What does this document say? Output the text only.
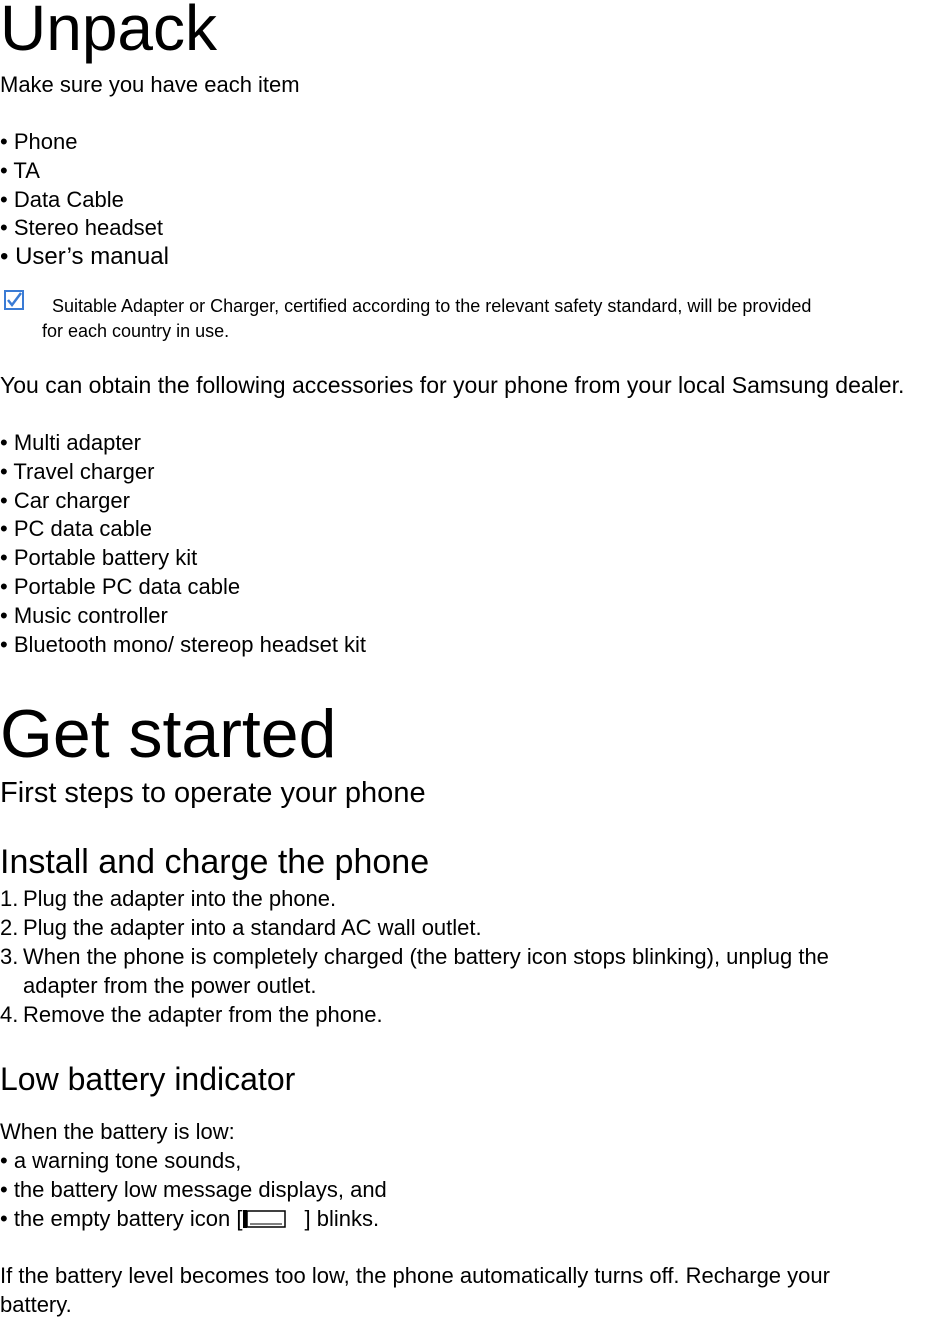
Unpack
Make sure you have each item
• Phone
• TA
• Data Cable
• Stereo headset
• User’s manual
Suitable Adapter or Charger, certified according to the relevant safety standard, will be provided
for each country in use.
You can obtain the following accessories for your phone from your local Samsung dealer.
• Multi adapter
• Travel charger
• Car charger
• PC data cable
• Portable battery kit
• Portable PC data cable
• Music controller
• Bluetooth mono/ stereop headset kit
Get started
First steps to operate your phone
Install and charge the phone
1. Plug the adapter into the phone.
2. Plug the adapter into a standard AC wall outlet.
3. When the phone is completely charged (the battery icon stops blinking), unplug the
adapter from the power outlet.
4. Remove the adapter from the phone.
Low battery indicator
When the battery is low:
• a warning tone sounds,
• the battery low message displays, and
• the empty battery icon [	] blinks.
If the battery level becomes too low, the phone automatically turns off. Recharge your
battery.
